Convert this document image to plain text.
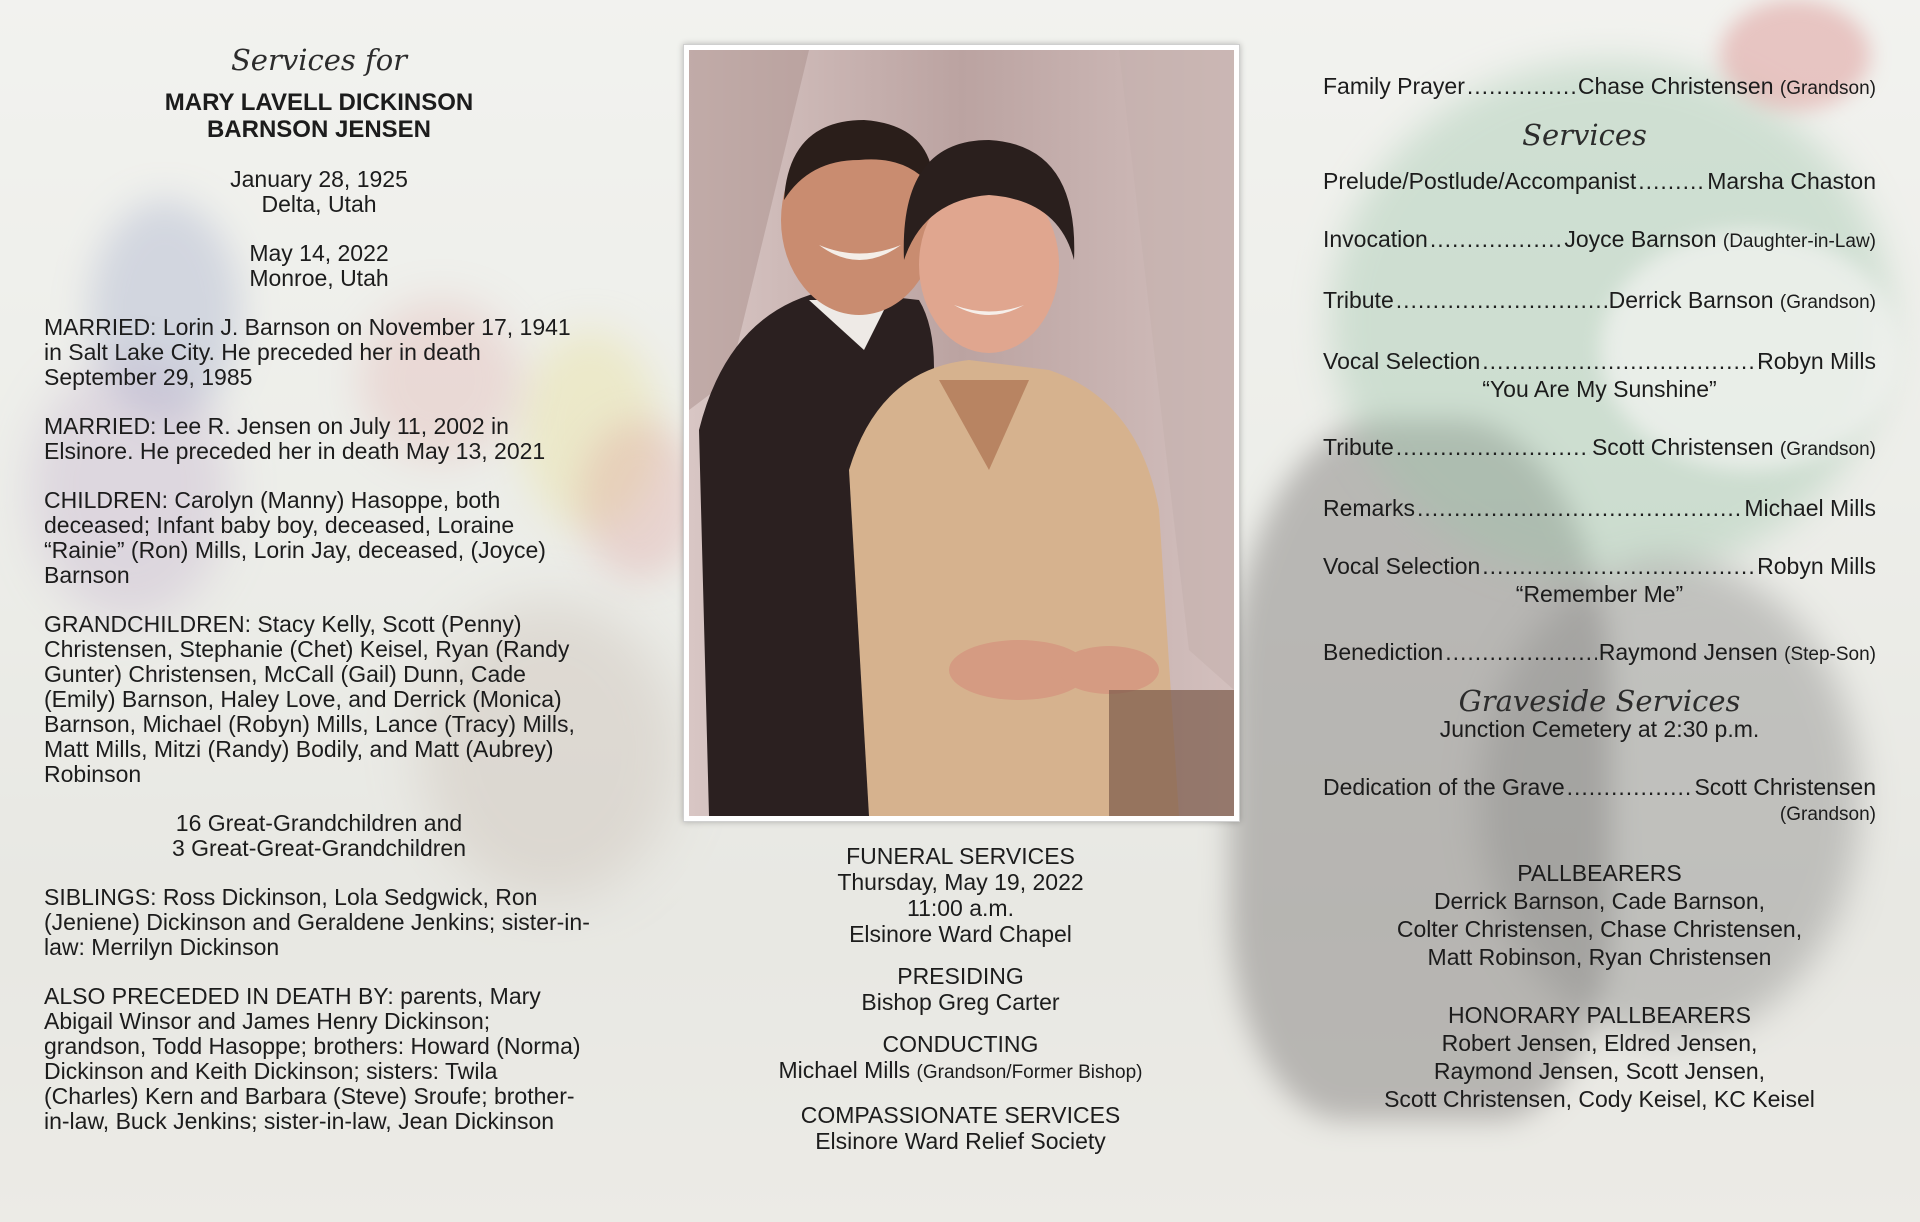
Services for
MARY LAVELL DICKINSON
BARNSON JENSEN
January 28, 1925
Delta, Utah
May 14, 2022
Monroe, Utah
MARRIED: Lorin J. Barnson on November 17, 1941 in Salt Lake City. He preceded her in death September 29, 1985
MARRIED: Lee R. Jensen on July 11, 2002 in Elsinore. He preceded her in death May 13, 2021
CHILDREN: Carolyn (Manny) Hasoppe, both deceased; Infant baby boy, deceased, Loraine “Rainie” (Ron) Mills, Lorin Jay, deceased, (Joyce) Barnson
GRANDCHILDREN: Stacy Kelly, Scott (Penny) Christensen, Stephanie (Chet) Keisel, Ryan (Randy Gunter) Christensen, McCall (Gail) Dunn, Cade (Emily) Barnson, Haley Love, and Derrick (Monica) Barnson, Michael (Robyn) Mills, Lance (Tracy) Mills, Matt Mills, Mitzi (Randy) Bodily, and Matt (Aubrey) Robinson
16 Great-Grandchildren and
3 Great-Great-Grandchildren
SIBLINGS: Ross Dickinson, Lola Sedgwick, Ron (Jeniene) Dickinson and Geraldene Jenkins; sister-in-law: Merrilyn Dickinson
ALSO PRECEDED IN DEATH BY: parents, Mary Abigail Winsor and James Henry Dickinson; grandson, Todd Hasoppe; brothers: Howard (Norma) Dickinson and Keith Dickinson; sisters: Twila (Charles) Kern and Barbara (Steve) Sroufe; brother-in-law, Buck Jenkins; sister-in-law, Jean Dickinson
FUNERAL SERVICES
Thursday, May 19, 2022
11:00 a.m.
Elsinore Ward Chapel
PRESIDING
Bishop Greg Carter
CONDUCTING
Michael Mills (Grandson/Former Bishop)
COMPASSIONATE SERVICES
Elsinore Ward Relief Society
Family Prayer .....	Chase Christensen (Grandson)
Services
Prelude/Postlude/Accompanist .....	Marsha Chaston
Invocation .....	Joyce Barnson (Daughter-in-Law)
Tribute .....	Derrick Barnson (Grandson)
Vocal Selection .....	Robyn Mills
“You Are My Sunshine”
Tribute .....	Scott Christensen (Grandson)
Remarks .....	Michael Mills
Vocal Selection .....	Robyn Mills
“Remember Me”
Benediction .....	Raymond Jensen (Step-Son)
Graveside Services
Junction Cemetery at 2:30 p.m.
Dedication of the Grave .....	Scott Christensen
(Grandson)
PALLBEARERS
Derrick Barnson, Cade Barnson,
Colter Christensen, Chase Christensen,
Matt Robinson, Ryan Christensen
HONORARY PALLBEARERS
Robert Jensen, Eldred Jensen,
Raymond Jensen, Scott Jensen,
Scott Christensen, Cody Keisel, KC Keisel
